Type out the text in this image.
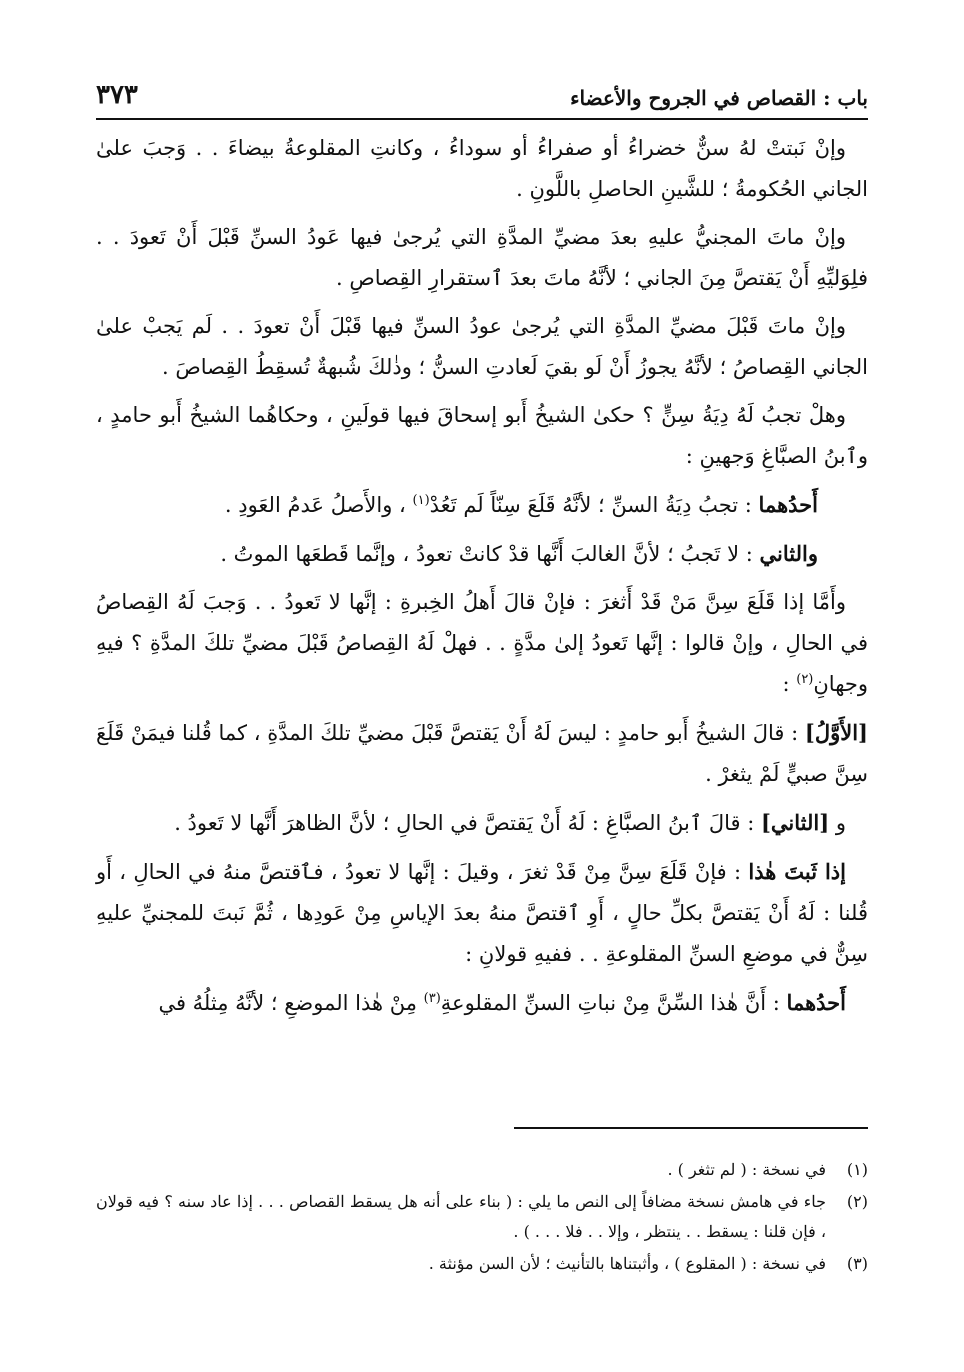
باب : القصاص في الجروح والأعضاء
٣٧٣

وإنْ نَبتتْ لهُ سنٌّ خضراءُ أو صفراءُ أو سوداءُ ، وكانتِ المقلوعةُ بيضاءَ . . وَجبَ علىٰ الجاني الحُكومةُ ؛ للشَّينِ الحاصلِ باللَّونِ .

وإنْ ماتَ المجنيُّ عليهِ بعدَ مضيِّ المدَّةِ التي يُرجىٰ فيها عَودُ السنِّ قَبْلَ أَنْ تَعودَ . . فلِوَليِّهِ أَنْ يَقتصَّ مِنَ الجاني ؛ لأنَّهُ ماتَ بعدَ ٱستقرارِ القِصاصِ .

وإنْ ماتَ قَبْلَ مضيِّ المدَّةِ التي يُرجىٰ عودُ السنِّ فيها قَبْلَ أَنْ تعودَ . . لَم يَجبْ علىٰ الجاني القِصاصُ ؛ لأنَّهُ يجوزُ أَنْ لَو بقيَ لَعادتِ السنُّ ؛ وذٰلكَ شُبهةٌ تُسقِطُ القِصاصَ .

وهلْ تجبُ لَهُ دِيَةُ سِنٍّ ؟ حكىٰ الشيخُ أَبو إسحاقَ فيها قولَينِ ، وحكاهُما الشيخُ أَبو حامدٍ ، وٱبنُ الصبَّاغِ وَجهينِ :

أَحدُهما : تجبُ دِيَةُ السنِّ ؛ لأنَّهُ قَلَعَ سِنّاً لَم تَعُدْ$^{(١)}$ ، والأَصلُ عَدمُ العَودِ .

والثاني : لا تَجبُ ؛ لأنَّ الغالبَ أَنَّها قدْ كانتْ تعودُ ، وإنَّما قَطعَها الموتُ .

وأَمَّا إذا قَلَعَ سِنَّ مَنْ قَدْ أَثغرَ : فإنْ قالَ أَهلُ الخِبرةِ : إنَّها لا تَعودُ . . وَجبَ لَهُ القِصاصُ في الحالِ ، وإنْ قالوا : إنَّها تَعودُ إلىٰ مدَّةٍ . . فهلْ لَهُ القِصاصُ قَبْلَ مضيِّ تلكَ المدَّةِ ؟ فيهِ وجهانِ$^{(٢)}$ :

[الأَوَّلُ] : قالَ الشيخُ أَبو حامدٍ : ليسَ لَهُ أَنْ يَقتصَّ قَبْلَ مضيِّ تلكَ المدَّةِ ، كما قُلنا فيمَنْ قَلَعَ سِنَّ صبيٍّ لَمْ يثغرْ .

و [الثاني] : قالَ ٱبنُ الصبَّاغِ : لَهُ أَنْ يَقتصَّ في الحالِ ؛ لأنَّ الظاهرَ أَنَّها لا تَعودُ .

إذا ثَبتَ هٰذا : فإنْ قَلَعَ سِنَّ مِنْ قَدْ ثغرَ ، وقيلَ : إنَّها لا تعودُ ، فٱقتصَّ منهُ في الحالِ ، أَو قُلنا : لَهُ أَنْ يَقتصَّ بكلِّ حالٍ ، أَوِ ٱقتصَّ منهُ بعدَ الإياسِ مِنْ عَودِها ، ثُمَّ نَبتَ للمجنيِّ عليهِ سِنٌّ في موضعِ السنِّ المقلوعةِ . . ففيهِ قولانِ :

أَحدُهما : أَنَّ هٰذا السِّنَّ مِنْ نباتِ السنِّ المقلوعةِ$^{(٣)}$ مِنْ هٰذا الموضعِ ؛ لأنَّهُ مِثلُهُ في

(١)
في نسخة : ( لم تثغر ) .
(٢)
جاء في هامش نسخة مضافاً إلى النص ما يلي : ( بناء على أنه هل يسقط القصاص . . . إذا عاد سنه ؟ فيه قولان ، فإن قلنا : يسقط . . ينتظر ، وإلا . . فلا . . . ) .
(٣)
في نسخة : ( المقلوع ) ، وأثبتناها بالتأنيث ؛ لأن السن مؤنثة .
